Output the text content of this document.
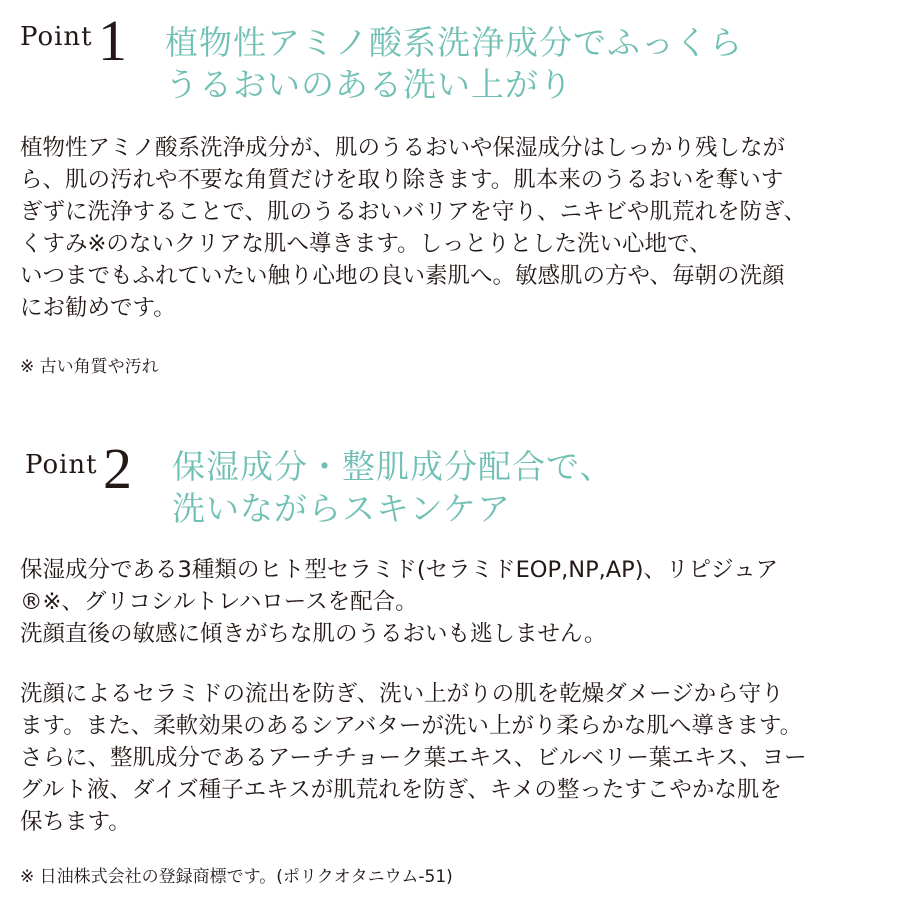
Point 1 植物性アミノ酸系洗浄成分でふっくら
うるおいのある洗い上がり
植物性アミノ酸系洗浄成分が、肌のうるおいや保湿成分はしっかり残しなが
ら、肌の汚れや不要な角質だけを取り除きます。肌本来のうるおいを奪いす
ぎずに洗浄することで、肌のうるおいバリアを守り、ニキビや肌荒れを防ぎ、
くすみ※のないクリアな肌へ導きます。しっとりとした洗い心地で、
いつまでもふれていたい触り心地の良い素肌へ。敏感肌の方や、毎朝の洗顔
にお勧めです。
※ 古い角質や汚れ
Point 2 保湿成分・整肌成分配合で、
洗いながらスキンケア
保湿成分である3種類のヒト型セラミド(セラミドEOP,NP,AP)、リピジュア
®※、グリコシルトレハロースを配合。
洗顔直後の敏感に傾きがちな肌のうるおいも逃しません。
洗顔によるセラミドの流出を防ぎ、洗い上がりの肌を乾燥ダメージから守り
ます。また、柔軟効果のあるシアバターが洗い上がり柔らかな肌へ導きます。
さらに、整肌成分であるアーチチョーク葉エキス、ビルベリー葉エキス、ヨー
グルト液、ダイズ種子エキスが肌荒れを防ぎ、キメの整ったすこやかな肌を
保ちます。
※ 日油株式会社の登録商標です。(ポリクオタニウム-51)
